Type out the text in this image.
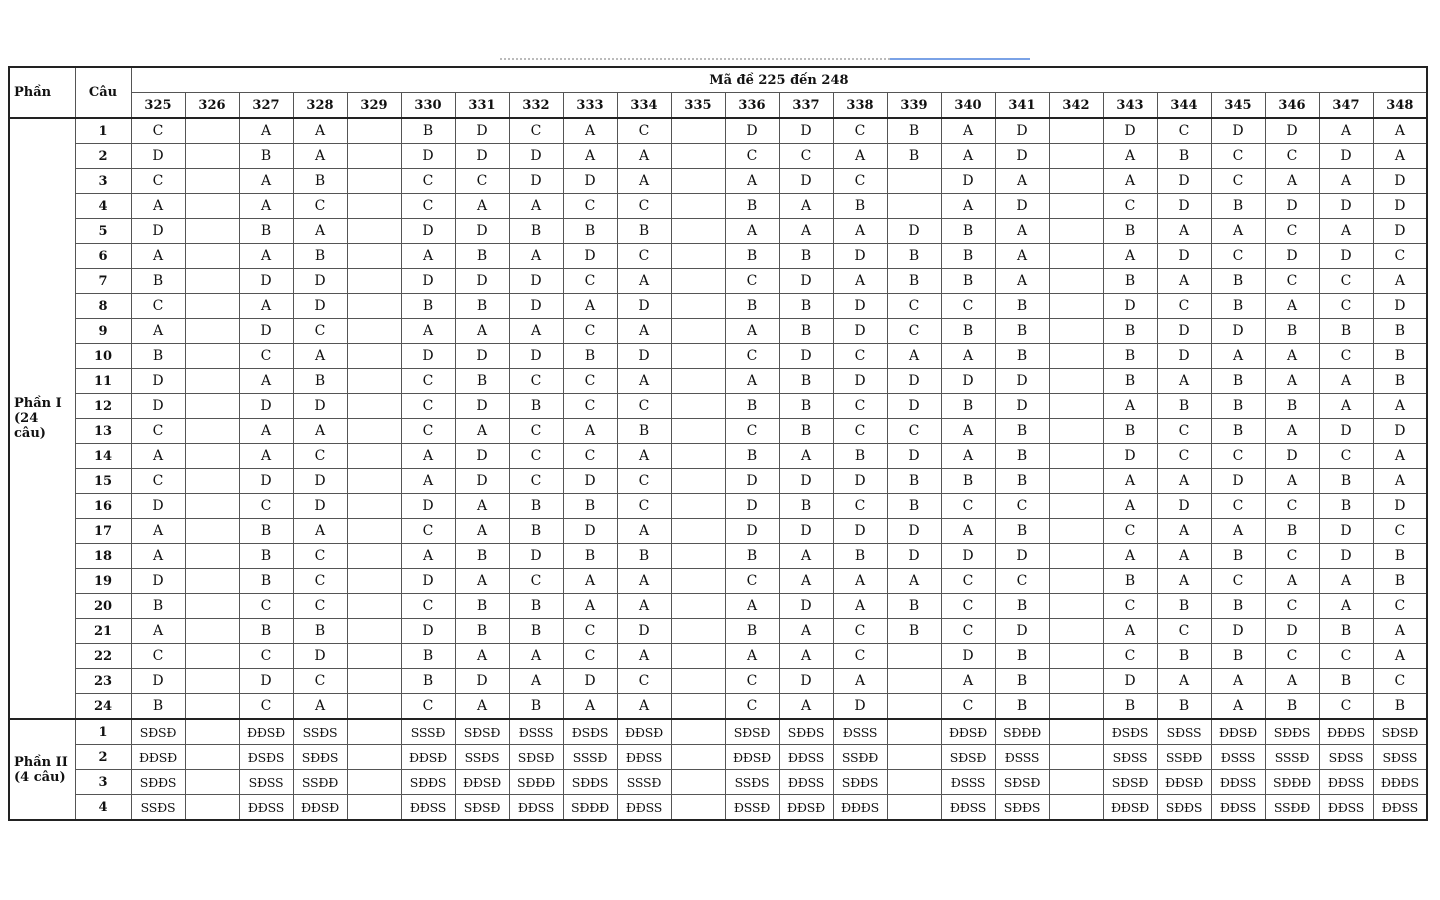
Phần	Câu	Mã đề 225 đến 248																							
		325	326	327	328	329	330	331	332	333	334	335	336	337	338	339	340	341	342	343	344	345	346	347	348
Phần I
(24 câu)	1	C		A	A		B	D	C	A	C		D	D	C	B	A	D		D	C	D	D	A	A
	2	D		B	A		D	D	D	A	A		C	C	A	B	A	D		A	B	C	C	D	A
	3	C		A	B		C	C	D	D	A		A	D	C		D	A		A	D	C	A	A	D
	4	A		A	C		C	A	A	C	C		B	A	B		A	D		C	D	B	D	D	D
	5	D		B	A		D	D	B	B	B		A	A	A	D	B	A		B	A	A	C	A	D
	6	A		A	B		A	B	A	D	C		B	B	D	B	B	A		A	D	C	D	D	C
	7	B		D	D		D	D	D	C	A		C	D	A	B	B	A		B	A	B	C	C	A
	8	C		A	D		B	B	D	A	D		B	B	D	C	C	B		D	C	B	A	C	D
	9	A		D	C		A	A	A	C	A		A	B	D	C	B	B		B	D	D	B	B	B
	10	B		C	A		D	D	D	B	D		C	D	C	A	A	B		B	D	A	A	C	B
	11	D		A	B		C	B	C	C	A		A	B	D	D	D	D		B	A	B	A	A	B
	12	D		D	D		C	D	B	C	C		B	B	C	D	B	D		A	B	B	B	A	A
	13	C		A	A		C	A	C	A	B		C	B	C	C	A	B		B	C	B	A	D	D
	14	A		A	C		A	D	C	C	A		B	A	B	D	A	B		D	C	C	D	C	A
	15	C		D	D		A	D	C	D	C		D	D	D	B	B	B		A	A	D	A	B	A
	16	D		C	D		D	A	B	B	C		D	B	C	B	C	C		A	D	C	C	B	D
	17	A		B	A		C	A	B	D	A		D	D	D	D	A	B		C	A	A	B	D	C
	18	A		B	C		A	B	D	B	B		B	A	B	D	D	D		A	A	B	C	D	B
	19	D		B	C		D	A	C	A	A		C	A	A	A	C	C		B	A	C	A	A	B
	20	B		C	C		C	B	B	A	A		A	D	A	B	C	B		C	B	B	C	A	C
	21	A		B	B		D	B	B	C	D		B	A	C	B	C	D		A	C	D	D	B	A
	22	C		C	D		B	A	A	C	A		A	A	C		D	B		C	B	B	C	C	A
	23	D		D	C		B	D	A	D	C		C	D	A		A	B		D	A	A	A	B	C
	24	B		C	A		C	A	B	A	A		C	A	D		C	B		B	B	A	B	C	B
Phần II
(4 câu)	1	SĐSĐ		ĐĐSĐ	SSĐS		SSSĐ	SĐSĐ	ĐSSS	ĐSĐS	ĐĐSĐ		SĐSĐ	SĐĐS	ĐSSS		ĐĐSĐ	SĐĐĐ		ĐSĐS	SĐSS	ĐĐSĐ	SĐĐS	ĐĐĐS	SĐSĐ
	2	ĐĐSĐ		ĐSĐS	SĐĐS		ĐĐSĐ	SSĐS	SĐSĐ	SSSĐ	ĐĐSS		ĐĐSĐ	ĐĐSS	SSĐĐ		SĐSĐ	ĐSSS		SĐSS	SSĐĐ	ĐSSS	SSSĐ	SĐSS	SĐSS
	3	SĐĐS		SĐSS	SSĐĐ		SĐĐS	ĐĐSĐ	SĐĐĐ	SĐĐS	SSSĐ		SSĐS	ĐĐSS	SĐĐS		ĐSSS	SĐSĐ		SĐSĐ	ĐĐSĐ	ĐĐSS	SĐĐĐ	ĐĐSS	ĐĐĐS
	4	SSĐS		ĐĐSS	ĐĐSĐ		ĐĐSS	SĐSĐ	ĐĐSS	SĐĐĐ	ĐĐSS		ĐSSĐ	ĐĐSĐ	ĐĐĐS		ĐĐSS	SĐĐS		ĐĐSĐ	SĐĐS	ĐĐSS	SSĐĐ	ĐĐSS	ĐĐSS
